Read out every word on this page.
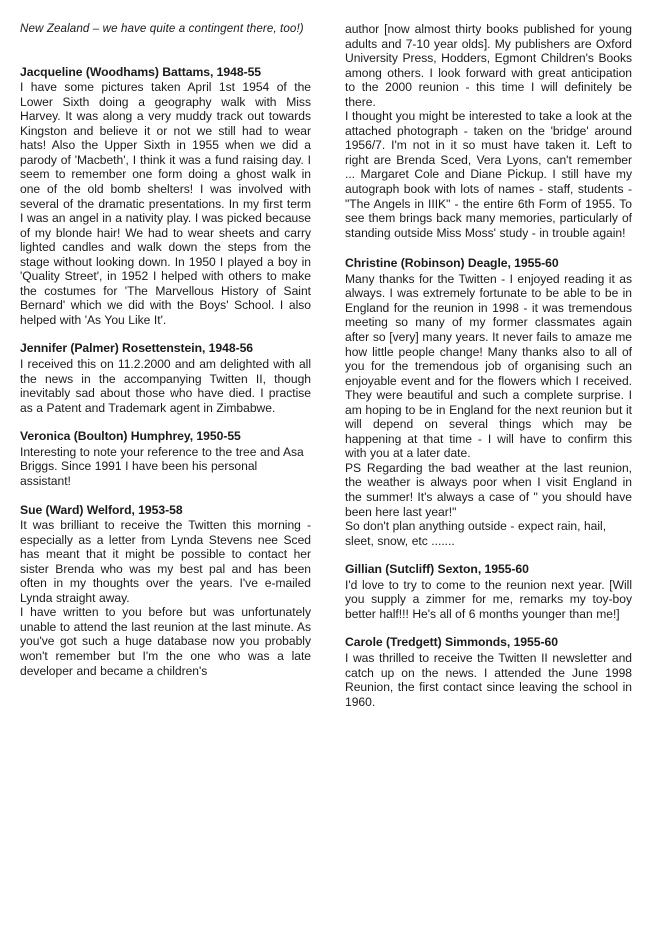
New Zealand – we have quite a contingent there, too!)

Jacqueline (Woodhams) Battams, 1948-55

I have some pictures taken April 1st 1954 of the Lower Sixth doing a geography walk with Miss Harvey. It was along a very muddy track out towards Kingston and believe it or not we still had to wear hats! Also the Upper Sixth in 1955 when we did a parody of 'Macbeth', I think it was a fund raising day. I seem to remember one form doing a ghost walk in one of the old bomb shelters! I was involved with several of the dramatic presentations. In my first term I was an angel in a nativity play. I was picked because of my blonde hair! We had to wear sheets and carry lighted candles and walk down the steps from the stage without looking down. In 1950 I played a boy in 'Quality Street', in 1952 I helped with others to make the costumes for 'The Marvellous History of Saint Bernard' which we did with the Boys' School. I also helped with 'As You Like It'.

Jennifer (Palmer) Rosettenstein, 1948-56

I received this on 11.2.2000 and am delighted with all the news in the accompanying Twitten II, though inevitably sad about those who have died. I practise as a Patent and Trademark agent in Zimbabwe.

Veronica (Boulton) Humphrey, 1950-55

Interesting to note your reference to the tree and Asa Briggs. Since 1991 I have been his personal assistant!

Sue (Ward) Welford, 1953-58

It was brilliant to receive the Twitten this morning - especially as a letter from Lynda Stevens nee Sced has meant that it might be possible to contact her sister Brenda who was my best pal and has been often in my thoughts over the years. I've e-mailed Lynda straight away.

I have written to you before but was unfortunately unable to attend the last reunion at the last minute. As you've got such a huge database now you probably won't remember but I'm the one who was a late developer and became a children's

author [now almost thirty books published for young adults and 7-10 year olds]. My publishers are Oxford University Press, Hodders, Egmont Children's Books among others. I look forward with great anticipation to the 2000 reunion - this time I will definitely be there.

I thought you might be interested to take a look at the attached photograph - taken on the 'bridge' around 1956/7. I'm not in it so must have taken it. Left to right are Brenda Sced, Vera Lyons, can't remember ... Margaret Cole and Diane Pickup. I still have my autograph book with lots of names - staff, students - "The Angels in IIIK" - the entire 6th Form of 1955. To see them brings back many memories, particularly of standing outside Miss Moss' study - in trouble again!

Christine (Robinson) Deagle, 1955-60

Many thanks for the Twitten - I enjoyed reading it as always. I was extremely fortunate to be able to be in England for the reunion in 1998 - it was tremendous meeting so many of my former classmates again after so [very] many years. It never fails to amaze me how little people change! Many thanks also to all of you for the tremendous job of organising such an enjoyable event and for the flowers which I received. They were beautiful and such a complete surprise. I am hoping to be in England for the next reunion but it will depend on several things which may be happening at that time - I will have to confirm this with you at a later date.

PS Regarding the bad weather at the last reunion, the weather is always poor when I visit England in the summer! It's always a case of " you should have been here last year!"

So don't plan anything outside - expect rain, hail, sleet, snow, etc .......

Gillian (Sutcliff) Sexton, 1955-60

I'd love to try to come to the reunion next year. [Will you supply a zimmer for me, remarks my toy-boy better half!!! He's all of 6 months younger than me!]

Carole (Tredgett) Simmonds, 1955-60

I was thrilled to receive the Twitten II newsletter and catch up on the news. I attended the June 1998 Reunion, the first contact since leaving the school in 1960.
